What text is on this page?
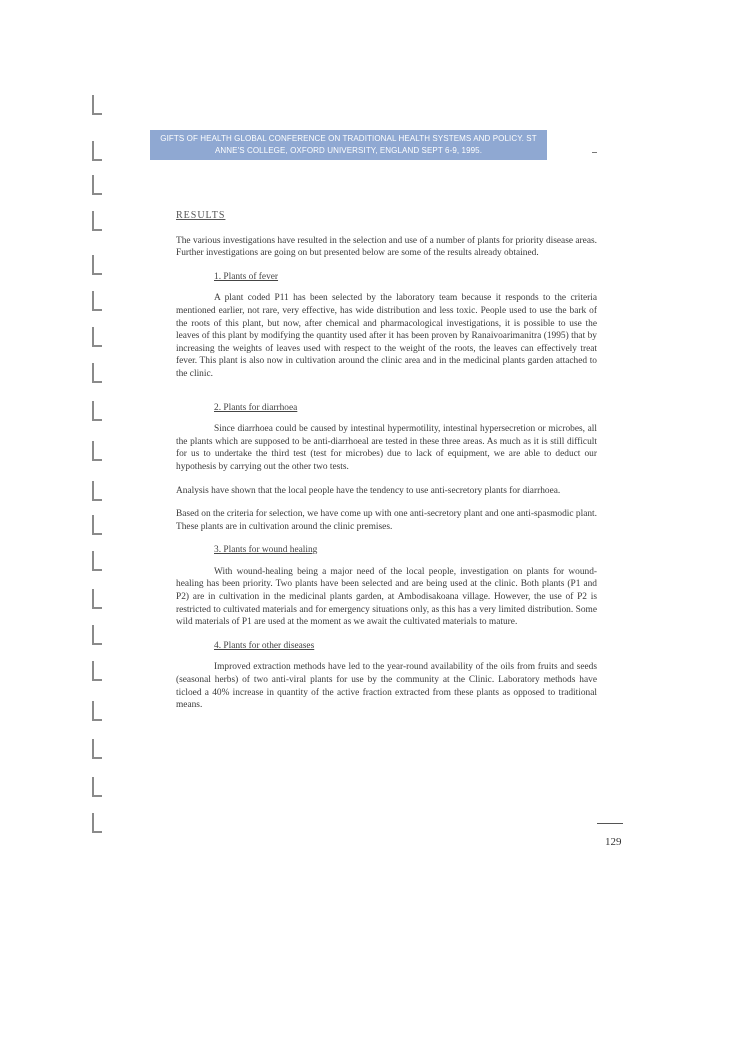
GIFTS OF HEALTH GLOBAL CONFERENCE ON TRADITIONAL HEALTH SYSTEMS AND POLICY. ST
ANNE'S COLLEGE, OXFORD UNIVERSITY, ENGLAND SEPT 6-9, 1995.
RESULTS

The various investigations have resulted in the selection and use of a number of plants for priority disease areas. Further investigations are going on but presented below are some of the results already obtained.

1. Plants of fever

A plant coded P11 has been selected by the laboratory team because it responds to the criteria mentioned earlier, not rare, very effective, has wide distribution and less toxic. People used to use the bark of the roots of this plant, but now, after chemical and pharmacological investigations, it is possible to use the leaves of this plant by modifying the quantity used after it has been proven by Ranaivoarimanitra (1995) that by increasing the weights of leaves used with respect to the weight of the roots, the leaves can effectively treat fever. This plant is also now in cultivation around the clinic area and in the medicinal plants garden attached to the clinic.

2. Plants for diarrhoea

Since diarrhoea could be caused by intestinal hypermotility, intestinal hypersecretion or microbes, all the plants which are supposed to be anti-diarrhoeal are tested in these three areas. As much as it is still difficult for us to undertake the third test (test for microbes) due to lack of equipment, we are able to deduct our hypothesis by carrying out the other two tests.

Analysis have shown that the local people have the tendency to use anti-secretory plants for diarrhoea.

Based on the criteria for selection, we have come up with one anti-secretory plant and one anti-spasmodic plant. These plants are in cultivation around the clinic premises.

3. Plants for wound healing

With wound-healing being a major need of the local people, investigation on plants for wound-healing has been priority. Two plants have been selected and are being used at the clinic. Both plants (P1 and P2) are in cultivation in the medicinal plants garden, at Ambodisakoana village. However, the use of P2 is restricted to cultivated materials and for emergency situations only, as this has a very limited distribution. Some wild materials of P1 are used at the moment as we await the cultivated materials to mature.

4. Plants for other diseases

Improved extraction methods have led to the year-round availability of the oils from fruits and seeds (seasonal herbs) of two anti-viral plants for use by the community at the Clinic. Laboratory methods have ticloed a 40% increase in quantity of the active fraction extracted from these plants as opposed to traditional means.

129
